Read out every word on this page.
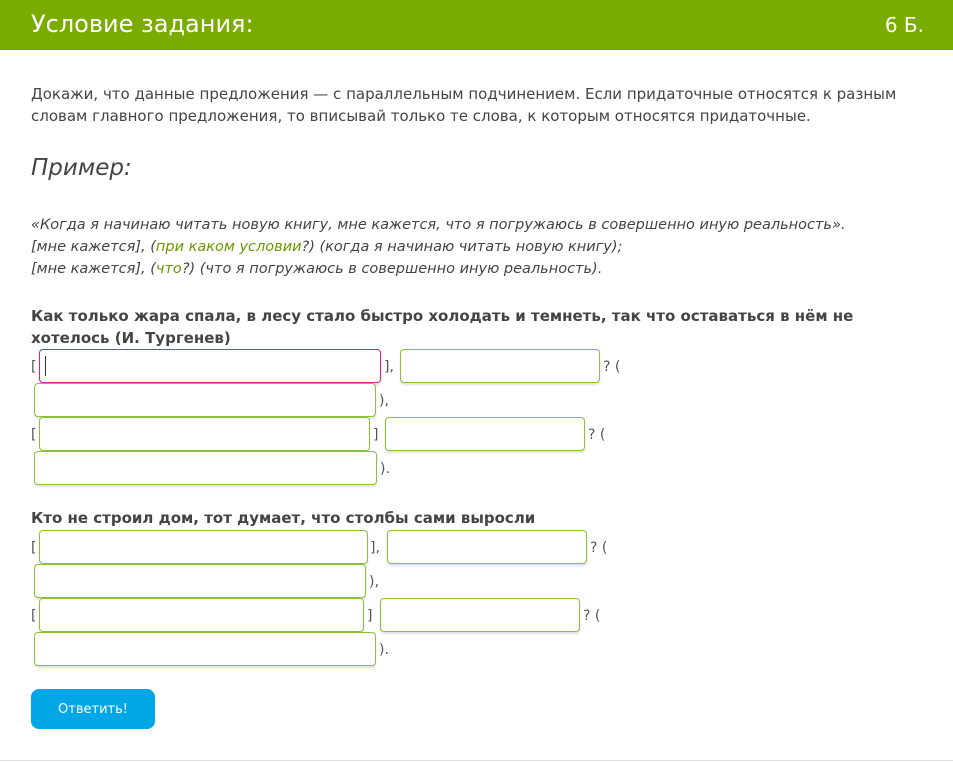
Условие задания:	6 Б.
Докажи, что данные предложения — с параллельным подчинением. Если придаточные относятся к разным словам главного предложения, то вписывай только те слова, к которым относятся придаточные.
Пример:
«Когда я начинаю читать новую книгу, мне кажется, что я погружаюсь в совершенно иную реальность».
[мне кажется], (при каком условии?) (когда я начинаю читать новую книгу);
[мне кажется], (что?) (что я погружаюсь в совершенно иную реальность).
Как только жара спала, в лесу стало быстро холодать и темнеть, так что оставаться в нём не хотелось (И. Тургенев)
[	],	? (
),
[	]	? (
).
Кто не строил дом, тот думает, что столбы сами выросли
[	],	? (
),
[	]	? (
).
Ответить!
